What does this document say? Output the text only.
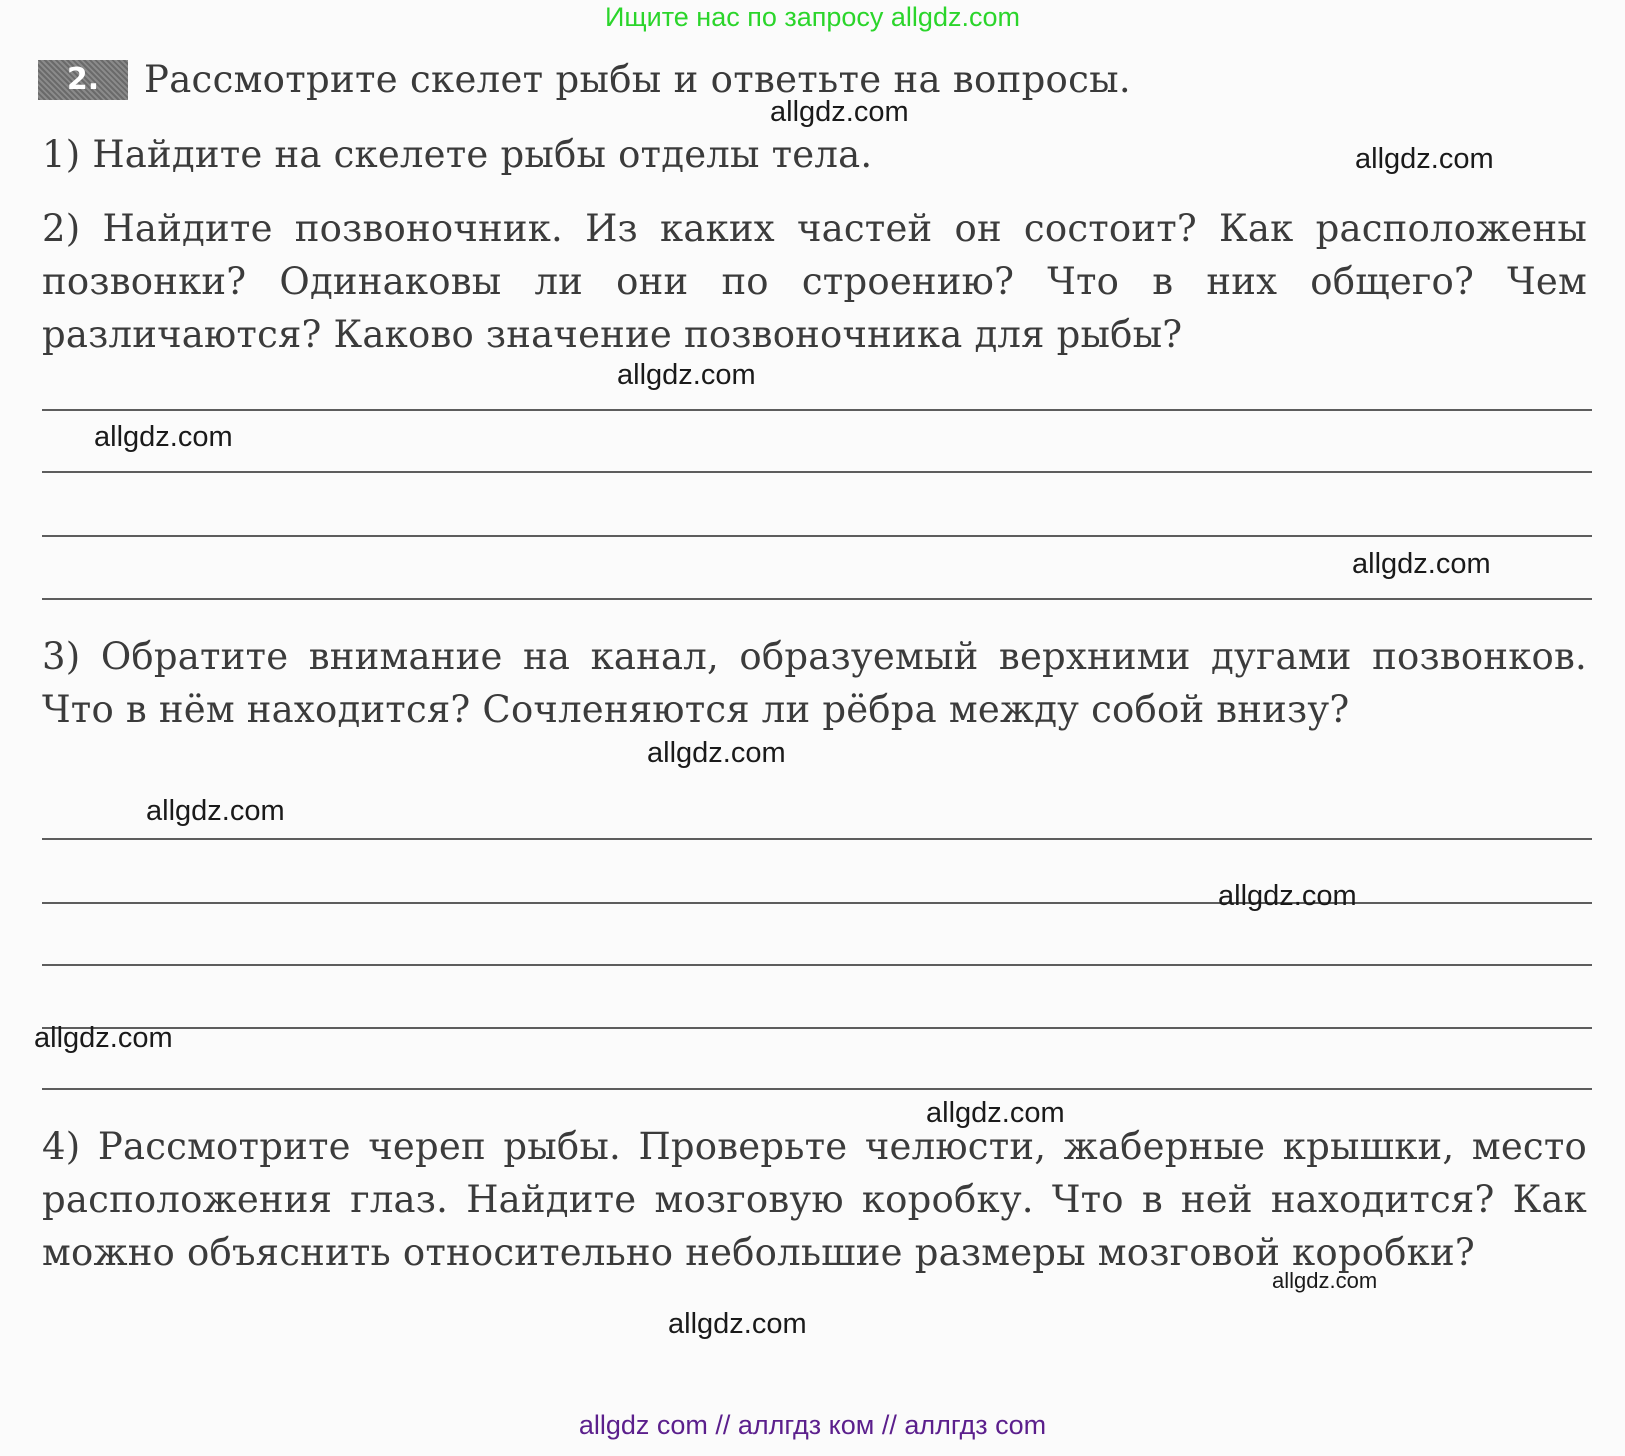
Ищите нас по запросу allgdz.com
2.	Рассмотрите скелет рыбы и ответьте на вопросы.
1) Найдите на скелете рыбы отделы тела.
2) Найдите позвоночник. Из каких частей он состоит? Как расположены позвонки? Одинаковы ли они по строению? Что в них общего? Чем различаются? Каково значение позвоночника для рыбы?
3) Обратите внимание на канал, образуемый верхними дугами позвонков. Что в нём находится? Сочленяются ли рёбра между собой внизу?
4) Рассмотрите череп рыбы. Проверьте челюсти, жаберные крышки, место расположения глаз. Найдите мозговую коробку. Что в ней находится? Как можно объяснить относительно небольшие размеры мозговой коробки?
allgdz.com
allgdz.com
allgdz.com
allgdz.com
allgdz.com
allgdz.com
allgdz.com
allgdz.com
allgdz.com
allgdz.com
allgdz.com
allgdz.com
allgdz com // аллгдз ком // аллгдз com
